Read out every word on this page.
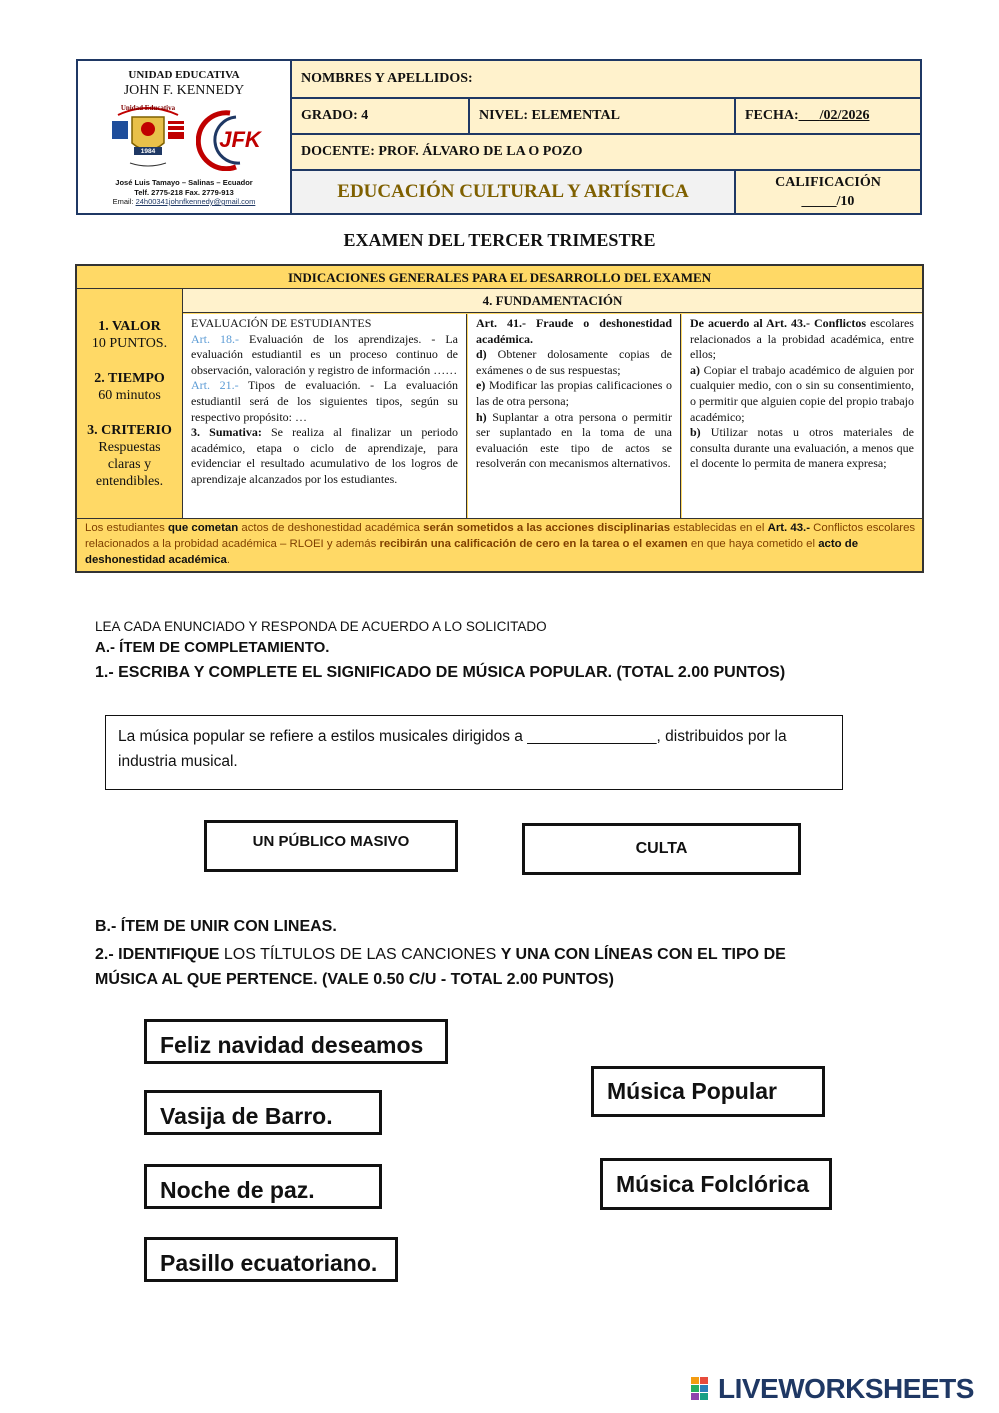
UNIDAD EDUCATIVA
JOHN F. KENNEDY
Unidad Educativa
1984	JFK
José Luis Tamayo – Salinas – Ecuador
Telf. 2775-218 Fax. 2779-913
Email: 24h00341johnfkennedy@gmail.com
NOMBRES Y APELLIDOS:
GRADO: 4	NIVEL: ELEMENTAL	FECHA: ___ /02/2026
DOCENTE: PROF. ÁLVARO DE LA O POZO
EDUCACIÓN CULTURAL Y ARTÍSTICA	CALIFICACIÓN
_____/10
EXAMEN DEL TERCER TRIMESTRE
INDICACIONES GENERALES PARA EL DESARROLLO DEL EXAMEN
4. FUNDAMENTACIÓN
1. VALOR
10 PUNTOS.
2. TIEMPO
60 minutos
3. CRITERIO
Respuestas claras y entendibles.
EVALUACIÓN DE ESTUDIANTES
Art. 18.- Evaluación de los aprendizajes. - La evaluación estudiantil es un proceso continuo de observación, valoración y registro de información ……
Art. 21.- Tipos de evaluación. - La evaluación estudiantil será de los siguientes tipos, según su respectivo propósito: …
3. Sumativa: Se realiza al finalizar un periodo académico, etapa o ciclo de aprendizaje, para evidenciar el resultado acumulativo de los logros de aprendizaje alcanzados por los estudiantes.
Art. 41.- Fraude o deshonestidad académica.
d) Obtener dolosamente copias de exámenes o de sus respuestas;
e) Modificar las propias calificaciones o las de otra persona;
h) Suplantar a otra persona o permitir ser suplantado en la toma de una evaluación este tipo de actos se resolverán con mecanismos alternativos.
De acuerdo al Art. 43.- Conflictos escolares relacionados a la probidad académica, entre ellos;
a) Copiar el trabajo académico de alguien por cualquier medio, con o sin su consentimiento, o permitir que alguien copie del propio trabajo académico;
b) Utilizar notas u otros materiales de consulta durante una evaluación, a menos que el docente lo permita de manera expresa;
Los estudiantes que cometan actos de deshonestidad académica serán sometidos a las acciones disciplinarias establecidas en el Art. 43.- Conflictos escolares relacionados a la probidad académica – RLOEI y además recibirán una calificación de cero en la tarea o el examen en que haya cometido el acto de deshonestidad académica.
LEA CADA ENUNCIADO Y RESPONDA DE ACUERDO A LO SOLICITADO
A.- ÍTEM DE COMPLETAMIENTO.
1.- ESCRIBA Y COMPLETE EL SIGNIFICADO DE MÚSICA POPULAR. (TOTAL 2.00 PUNTOS)
La música popular se refiere a estilos musicales dirigidos a _______________, distribuidos por la industria musical.
UN PÚBLICO MASIVO	CULTA
B.- ÍTEM DE UNIR CON LINEAS.
2.- IDENTIFIQUE LOS TÍLTULOS DE LAS CANCIONES Y UNA CON LÍNEAS CON EL TIPO DE MÚSICA AL QUE PERTENCE. (VALE 0.50 C/U - TOTAL 2.00 PUNTOS)
Feliz navidad deseamos
Vasija de Barro.
Noche de paz.
Pasillo ecuatoriano.
Música Popular
Música Folclórica
LIVEWORKSHEETS
